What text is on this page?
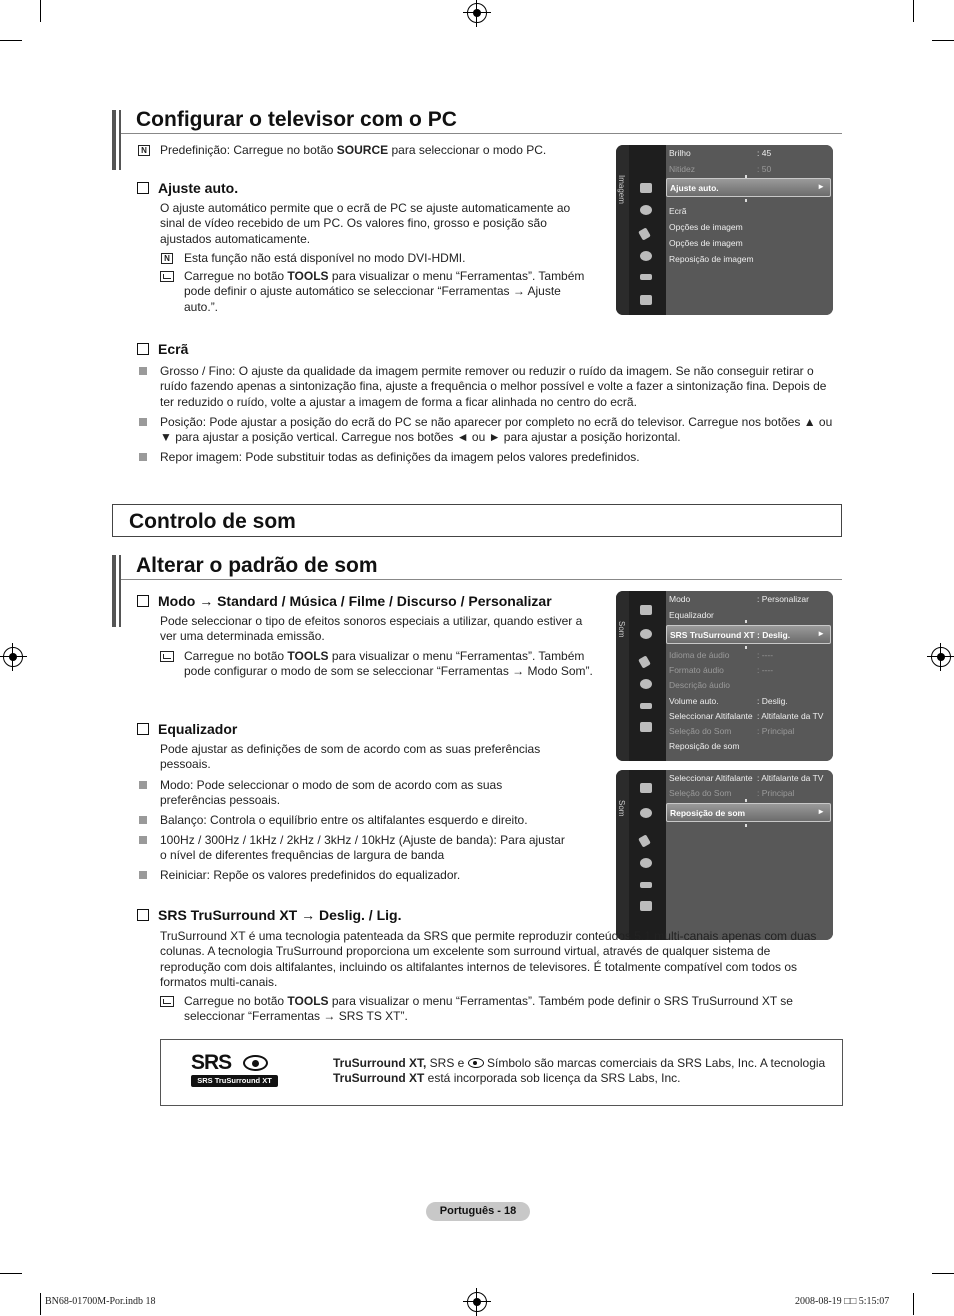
Configurar o televisor com o PC
N Predefinição: Carregue no botão SOURCE para seleccionar o modo PC.
Ajuste auto.
O ajuste automático permite que o ecrã de PC se ajuste automaticamente ao sinal de vídeo recebido de um PC. Os valores fino, grosso e posição são ajustados automaticamente.
N Esta função não está disponível no modo DVI-HDMI.
Carregue no botão TOOLS para visualizar o menu “Ferramentas”. Também pode definir o ajuste automático se seleccionar “Ferramentas → Ajuste auto.”.
Imagem
Brilho	: 45
Nitidez	: 50
Ajuste auto.	►
Ecrã
Opções de imagem
Opções de imagem
Reposição de imagem
Ecrã
Grosso / Fino: O ajuste da qualidade da imagem permite remover ou reduzir o ruído da imagem. Se não conseguir retirar o ruído fazendo apenas a sintonização fina, ajuste a frequência o melhor possível e volte a fazer a sintonização fina. Depois de ter reduzido o ruído, volte a ajustar a imagem de forma a ficar alinhada no centro do ecrã.
Posição: Pode ajustar a posição do ecrã do PC se não aparecer por completo no ecrã do televisor. Carregue nos botões ▲ ou ▼ para ajustar a posição vertical. Carregue nos botões ◄ ou ► para ajustar a posição horizontal.
Repor imagem: Pode substituir todas as definições da imagem pelos valores predefinidos.
Controlo de som
Alterar o padrão de som
Modo → Standard / Música / Filme / Discurso / Personalizar
Pode seleccionar o tipo de efeitos sonoros especiais a utilizar, quando estiver a ver uma determinada emissão.
Carregue no botão TOOLS para visualizar o menu “Ferramentas”. Também pode configurar o modo de som se seleccionar “Ferramentas → Modo Som”.
Equalizador
Pode ajustar as definições de som de acordo com as suas preferências pessoais.
Modo: Pode seleccionar o modo de som de acordo com as suas preferências pessoais.
Balanço: Controla o equilíbrio entre os altifalantes esquerdo e direito.
100Hz / 300Hz / 1kHz / 2kHz / 3kHz / 10kHz (Ajuste de banda): Para ajustar o nível de diferentes frequências de largura de banda
Reiniciar: Repõe os valores predefinidos do equalizador.
Som
Modo	: Personalizar
Equalizador
SRS TruSurround XT : Deslig.	►
Idioma de áudio	: ----
Formato áudio	: ----
Descrição áudio
Volume auto.	: Deslig.
Seleccionar Altifalante : Altifalante da TV
Seleção do Som	: Principal
Reposição de som
Som
Seleccionar Altifalante : Altifalante da TV
Seleção do Som	: Principal
Reposição de som	►
SRS TruSurround XT → Deslig. / Lig.
TruSurround XT é uma tecnologia patenteada da SRS que permite reproduzir conteúdos 5.1 multi-canais apenas com duas colunas. A tecnologia TruSurround proporciona um excelente som surround virtual, através de qualquer sistema de reprodução com dois altifalantes, incluindo os altifalantes internos de televisores. É totalmente compatível com todos os formatos multi-canais.
Carregue no botão TOOLS para visualizar o menu “Ferramentas”. Também pode definir o SRS TruSurround XT se seleccionar “Ferramentas → SRS TS XT”.
SRS
SRS TruSurround XT
TruSurround XT, SRS e
Símbolo são marcas comerciais da SRS Labs, Inc. A tecnologia TruSurround XT está incorporada sob licença da SRS Labs, Inc.
Português - 18
BN68-01700M-Por.indb 18	2008-08-19 □□ 5:15:07
